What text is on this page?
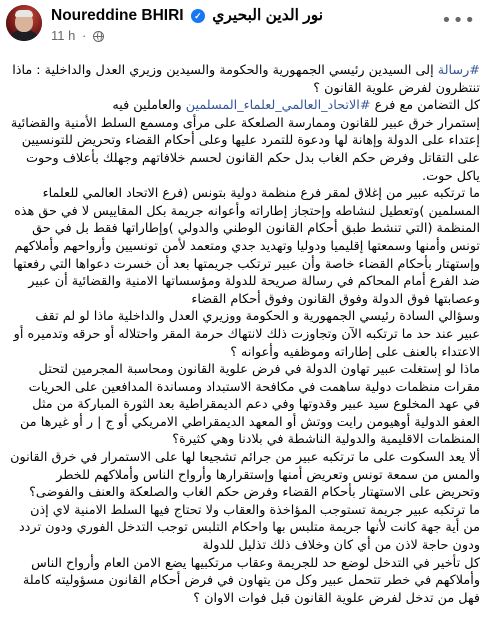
Noureddine BHIRI ✓ نور الدين البحيري
11 h ·
•••

#رسالة إلى السيدين رئيسي الجمهورية والحكومة والسيدين وزيري العدل والداخلية : ماذا تنتظرون لفرض علوية القانون ؟

كل التضامن مع فرع #الاتحاد_العالمي_لعلماء_المسلمين والعاملين فيه

إستمرار خرق عبير للقانون وممارسة الصلعكة على مرأى ومسمع السلط الأمنية والقضائية إعتداء على الدولة وإهانة لها ودعوة للتمرد عليها وعلى أحكام القضاء وتحريض للتونسيين على التقاتل وفرض حكم الغاب بدل حكم القانون لحسم خلافاتهم وجهلك بأعلاف وحوت ياكل حوت.

ما ترتكبه عبير من إغلاق لمقر فرع منظمة دولية بتونس (فرع الاتحاد العالمي للعلماء المسلمين )وتعطيل لنشاطه وإحتجاز إطاراته وأعوانه جريمة بكل المقاييس لا في حق هذه المنظمة (التي تنشط طبق أحكام القانون الوطني والدولي )وإطاراتها فقط بل في حق تونس وأمنها وسمعتها إقليميا ودوليا وتهديد جدي ومتعمد لأمن تونسيين وأرواحهم وأملاكهم وإستهتار بأحكام القضاء خاصة وأن عبير ترتكب جريمتها بعد أن خسرت دعواها التي رفعتها ضد الفرع أمام المحاكم في رسالة صريحة للدولة ومؤسساتها الامنية والقضائية أن عبير وعصابتها فوق الدولة وفوق القانون وفوق أحكام القضاء

وسؤالي السادة رئيسي الجمهورية و الحكومة ووزيري العدل والداخلية ماذا لو لم تقف عبير عند حد ما ترتكبه الآن وتجاوزت ذلك لانتهاك حرمة المقر واحتلاله أو حرقه وتدميره أو الاعتداء بالعنف على إطاراته وموظفيه وأعوانه ؟

ماذا لو إستغلت عبير تهاون الدولة في فرض علوية القانون ومحاسبة المجرمين لتحتل مقرات منظمات دولية ساهمت في مكافحة الاستبداد ومساندة المدافعين على الحريات في عهد المخلوع سيد عبير وقدوتها وفي دعم الديمقراطية بعد الثورة المباركة من مثل العفو الدولية أوهيومن رايت ووتش أو المعهد الديمقراطي الامريكي أو ج | ر أو غيرها من المنظمات الاقليمية والدولية الناشطة في بلادنا وهي كثيرة؟

ألا يعد السكوت على ما ترتكبه عبير من جرائم تشجيعا لها على الاستمرار في خرق القانون والمس من سمعة تونس وتعريض أمنها وإستقرارها وأرواح الناس وأملاكهم للخطر وتحريض على الاستهتار بأحكام القضاء وفرض حكم الغاب والصلعكة والعنف والفوضى؟

ما ترتكبه عبير جريمة تستوجب المؤاخذة والعقاب ولا تحتاج فيها السلط الامنية لاي إذن من أية جهة كانت لأنها جريمة متلبس بها واحكام التلبس توجب التدخل الفوري ودون تردد ودون حاجة لاذن من أي كان وخلاف ذلك تذليل للدولة

كل تأخير في التدخل لوضع حد للجريمة وعقاب مرتكبيها يضع الامن العام وأرواح الناس وأملاكهم في خطر تتحمل عبير وكل من يتهاون في فرض أحكام القانون مسؤوليته كاملة

فهل من تدخل لفرض علوية القانون قبل فوات الاوان ؟
